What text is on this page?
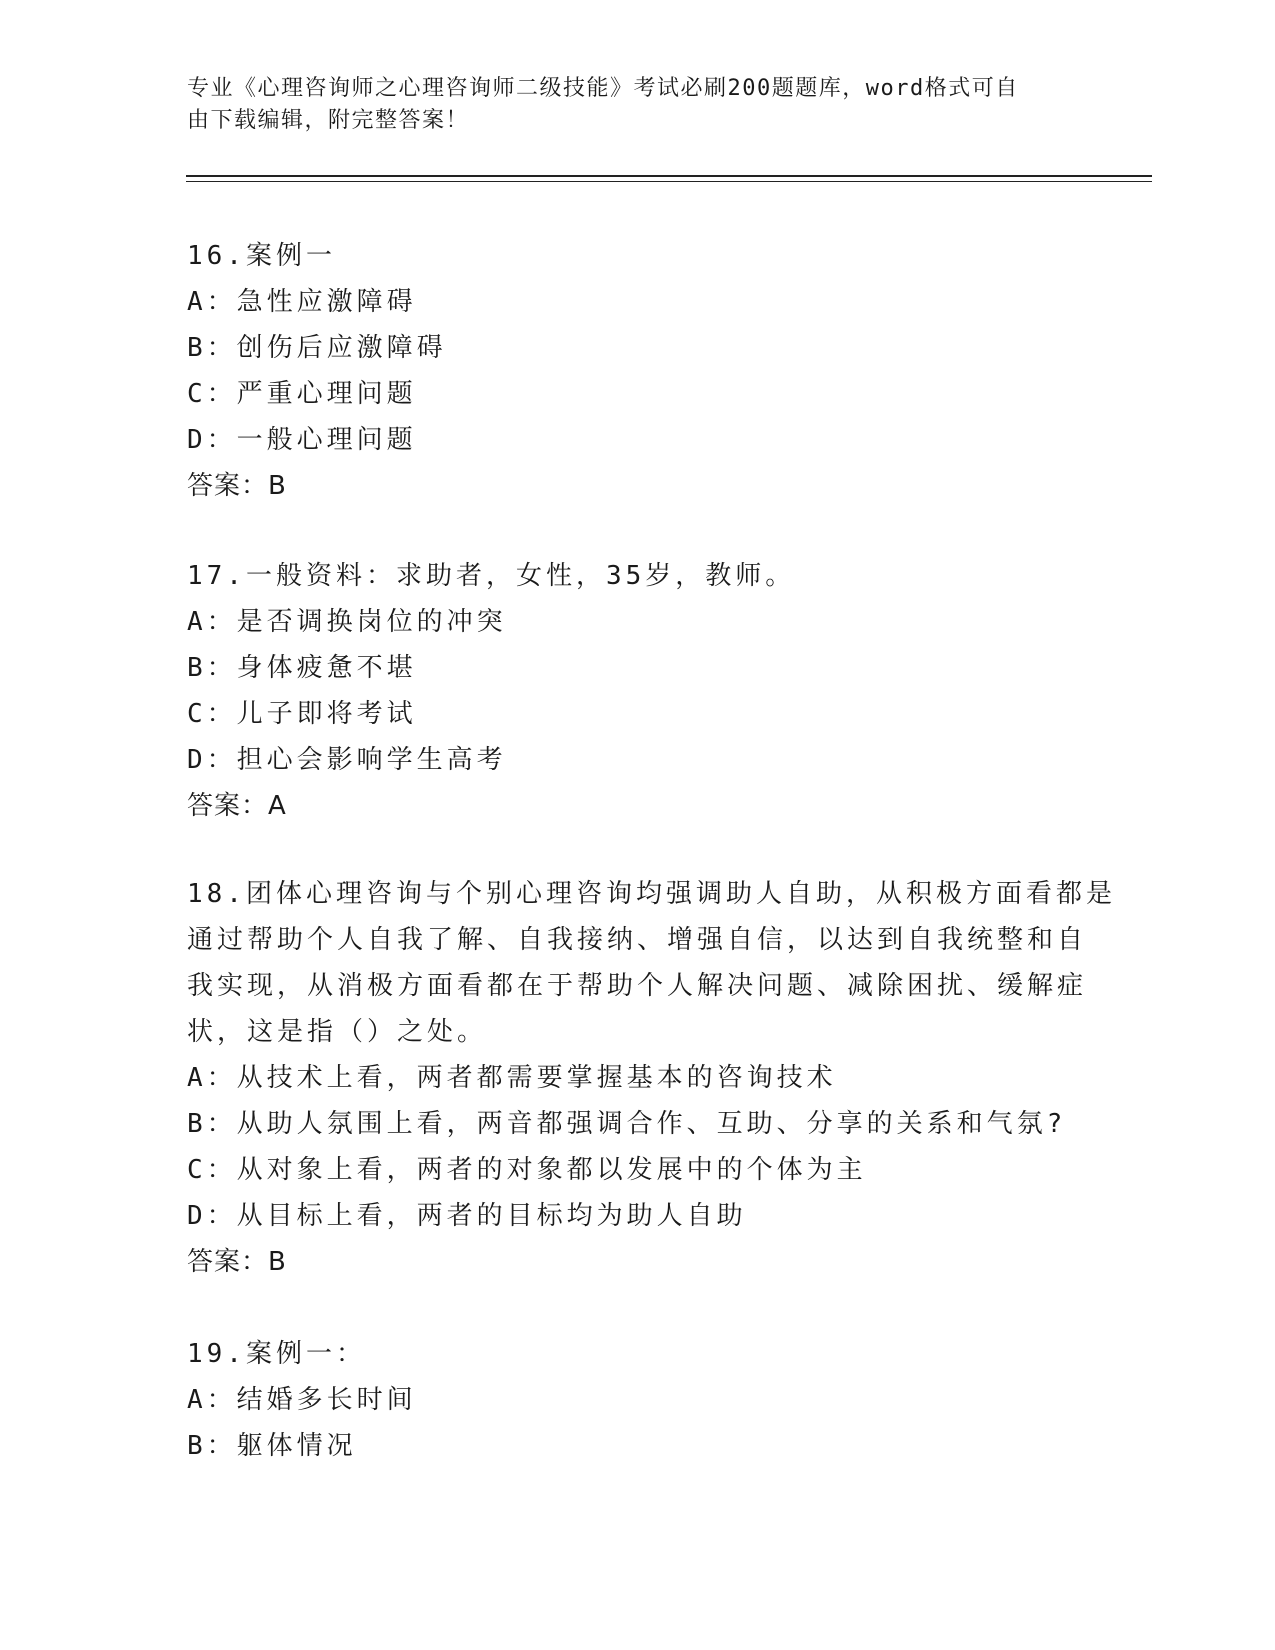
专业《心理咨询师之心理咨询师二级技能》考试必刷200题题库，word格式可自
由下载编辑，附完整答案！
16.案例一
A：急性应激障碍
B：创伤后应激障碍
C：严重心理问题
D：一般心理问题
答案：B
17.一般资料：求助者，女性，35岁，教师。
A：是否调换岗位的冲突
B：身体疲惫不堪
C：儿子即将考试
D：担心会影响学生高考
答案：A
18.团体心理咨询与个别心理咨询均强调助人自助，从积极方面看都是
通过帮助个人自我了解、自我接纳、增强自信，以达到自我统整和自
我实现，从消极方面看都在于帮助个人解决问题、减除困扰、缓解症
状，这是指（）之处。
A：从技术上看，两者都需要掌握基本的咨询技术
B：从助人氛围上看，两音都强调合作、互助、分享的关系和气氛?
C：从对象上看，两者的对象都以发展中的个体为主
D：从目标上看，两者的目标均为助人自助
答案：B
19.案例一：
A：结婚多长时间
B：躯体情况
